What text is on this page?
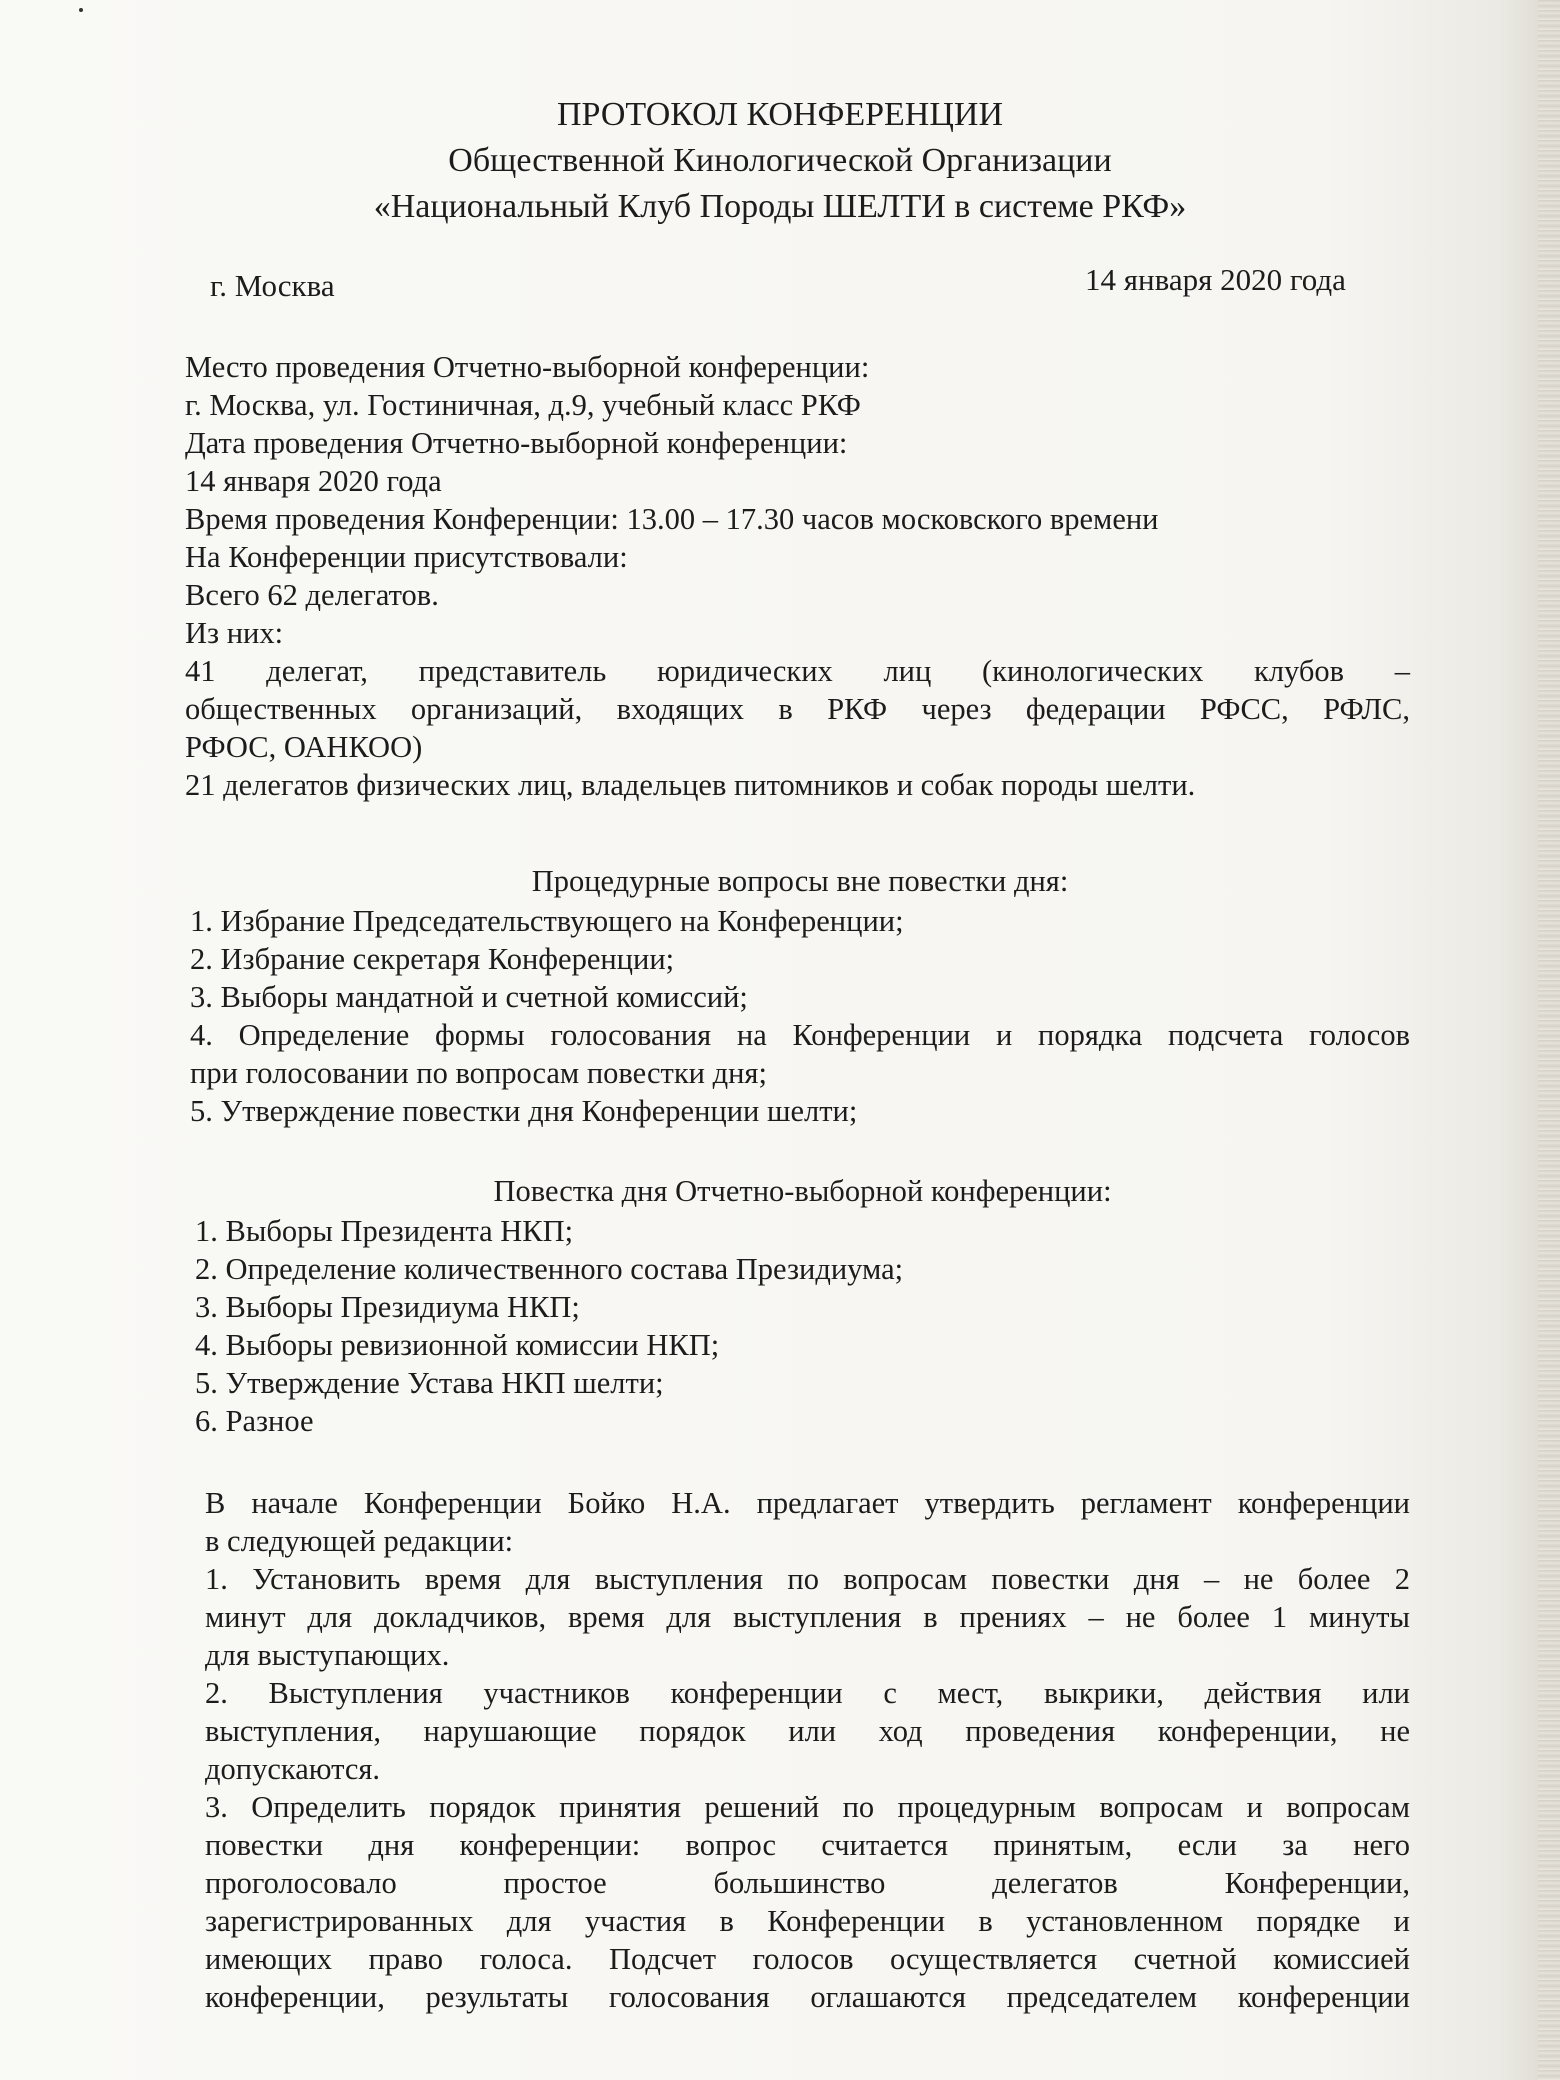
ПРОТОКОЛ КОНФЕРЕНЦИИ
Общественной Кинологической Организации
«Национальный Клуб Породы ШЕЛТИ в системе РКФ»
г. Москва	14 января 2020 года
Место проведения Отчетно-выборной конференции:
г. Москва, ул. Гостиничная, д.9, учебный класс РКФ
Дата проведения Отчетно-выборной конференции:
14 января 2020 года
Время проведения Конференции: 13.00 – 17.30 часов московского времени
На Конференции присутствовали:
Всего 62 делегатов.
Из них:
41 делегат, представитель юридических лиц (кинологических клубов –
общественных организаций, входящих в РКФ через федерации РФСС, РФЛС,
РФОС, ОАНКОО)
21 делегатов физических лиц, владельцев питомников и собак породы шелти.
Процедурные вопросы вне повестки дня:
1. Избрание Председательствующего на Конференции;
2. Избрание секретаря Конференции;
3. Выборы мандатной и счетной комиссий;
4. Определение формы голосования на Конференции и порядка подсчета голосов
при голосовании по вопросам повестки дня;
5. Утверждение повестки дня Конференции шелти;
Повестка дня Отчетно-выборной конференции:
1. Выборы Президента НКП;
2. Определение количественного состава Президиума;
3. Выборы Президиума НКП;
4. Выборы ревизионной комиссии НКП;
5. Утверждение Устава НКП шелти;
6. Разное
В начале Конференции Бойко Н.А. предлагает утвердить регламент конференции
в следующей редакции:
1. Установить время для выступления по вопросам повестки дня – не более 2
минут для докладчиков, время для выступления в прениях – не более 1 минуты
для выступающих.
2. Выступления участников конференции с мест, выкрики, действия или
выступления, нарушающие порядок или ход проведения конференции, не
допускаются.
3. Определить порядок принятия решений по процедурным вопросам и вопросам
повестки дня конференции: вопрос считается принятым, если за него
проголосовало простое большинство делегатов Конференции,
зарегистрированных для участия в Конференции в установленном порядке и
имеющих право голоса. Подсчет голосов осуществляется счетной комиссией
конференции, результаты голосования оглашаются председателем конференции
